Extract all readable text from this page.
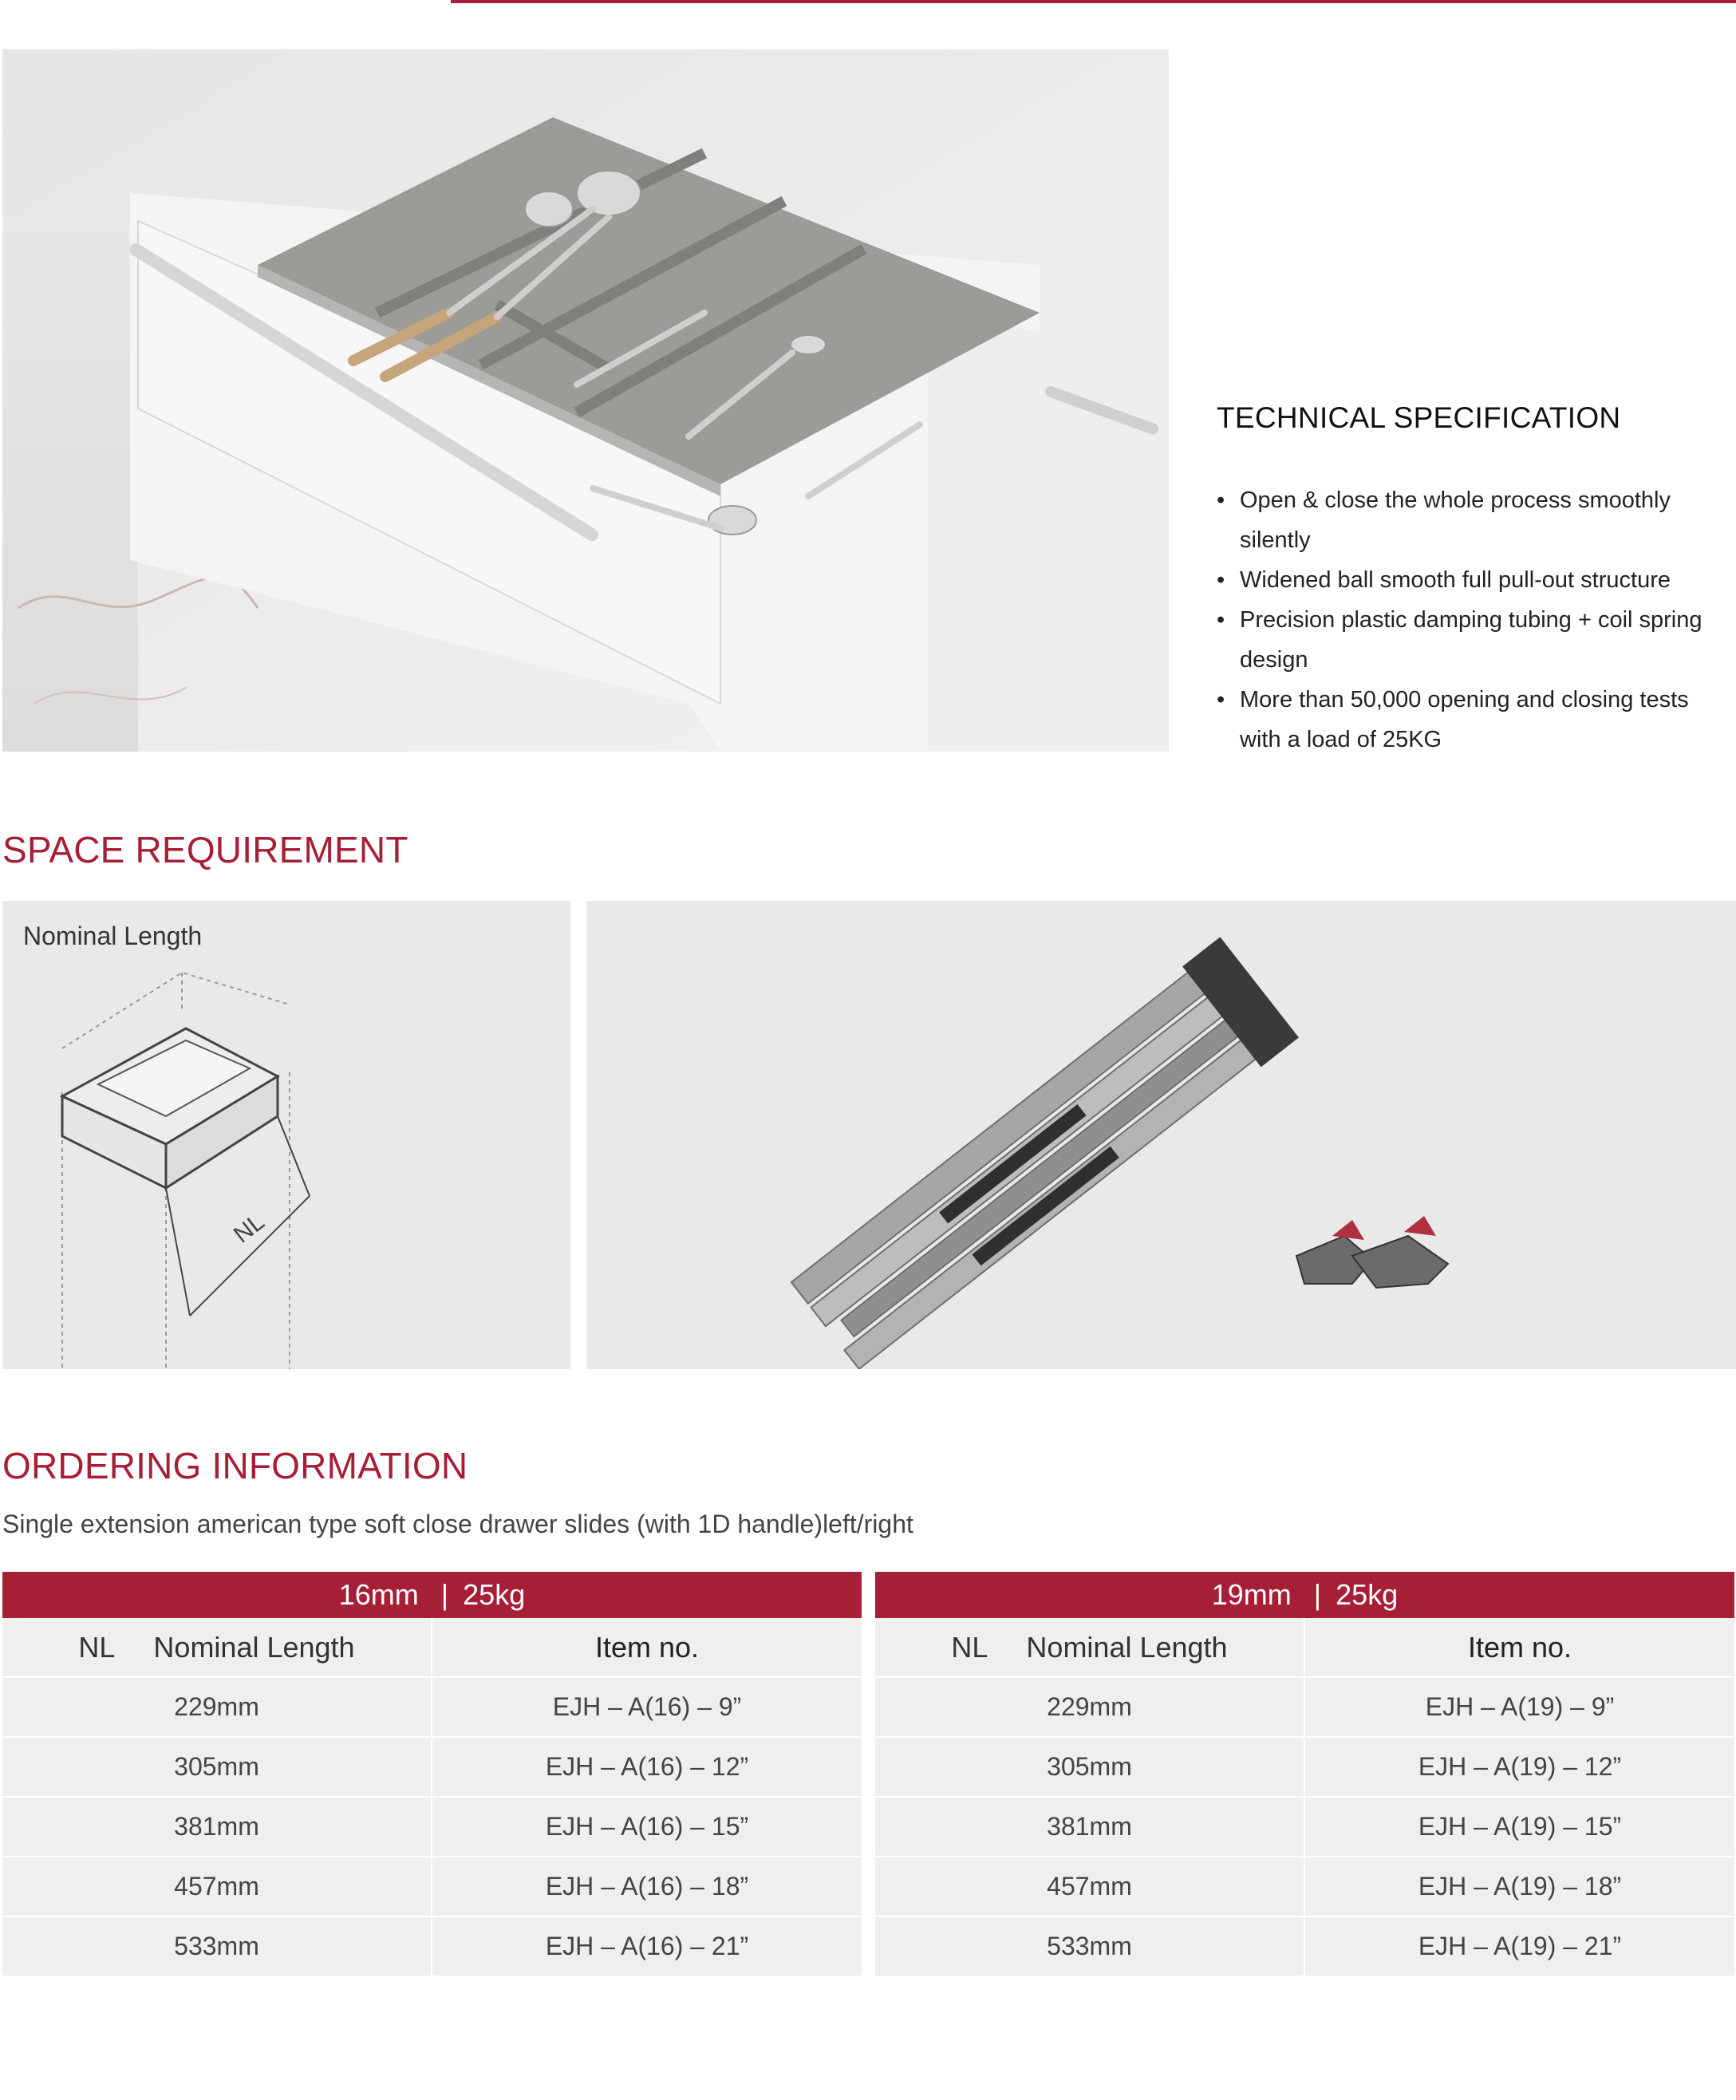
TECHNICAL SPECIFICATION
• Open & close the whole process smoothly silently
• Widened ball smooth full pull-out structure
• Precision plastic damping tubing + coil spring design
• More than 50,000 opening and closing tests with a load of 25KG
SPACE REQUIREMENT
NL
Nominal Length
ORDERING INFORMATION
Single extension american type soft close drawer slides (with 1D handle)left/right
16mm | 25kg
NL Nominal Length	Item no.
229mm	EJH – A(16) – 9”
305mm	EJH – A(16) – 12”
381mm	EJH – A(16) – 15”
457mm	EJH – A(16) – 18”
533mm	EJH – A(16) – 21”
19mm | 25kg
NL Nominal Length	Item no.
229mm	EJH – A(19) – 9”
305mm	EJH – A(19) – 12”
381mm	EJH – A(19) – 15”
457mm	EJH – A(19) – 18”
533mm	EJH – A(19) – 21”
